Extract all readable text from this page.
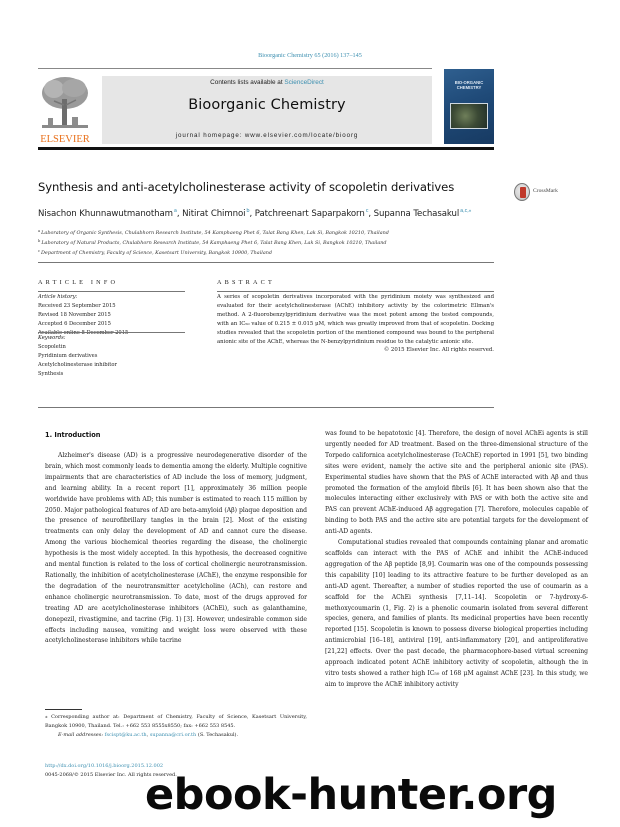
Bioorganic Chemistry 65 (2016) 137–145
ELSEVIER
Contents lists available at ScienceDirect
Bioorganic Chemistry
journal homepage: www.elsevier.com/locate/bioorg
BIO-ORGANIC CHEMISTRY
Synthesis and anti-acetylcholinesterase activity of scopoletin derivatives	CrossMark
Nisachon Khunnawutmanotham$^a$, Nitirat Chimnoi$^b$, Patchreenart Saparpakorn$^c$, Supanna Techasakul$^{a,c,⁎}$
$^a$Laboratory of Organic Synthesis, Chulabhorn Research Institute, 54 Kamphaeng Phet 6, Talat Bang Khen, Lak Si, Bangkok 10210, Thailand
$^b$Laboratory of Natural Products, Chulabhorn Research Institute, 54 Kamphaeng Phet 6, Talat Bang Khen, Lak Si, Bangkok 10210, Thailand
$^c$Department of Chemistry, Faculty of Science, Kasetsart University, Bangkok 10900, Thailand
ARTICLE INFO	ABSTRACT
Article history:
Received 23 September 2015
Revised 18 November 2015
Accepted 6 December 2015
Keywords:
Scopoletin
Pyridinium derivatives
Acetylcholinesterase inhibitor
Synthesis
A series of scopoletin derivatives incorporated with the pyridinium moiety was synthesized and evaluated for their acetylcholinesterase (AChE) inhibitory activity by the colorimetric Ellman's method. A 2-fluorobenzylpyridinium derivative was the most potent among the tested compounds, with an IC₅₀ value of 0.215 ± 0.015 μM, which was greatly improved from that of scopoletin. Docking studies revealed that the scopoletin portion of the mentioned compound was bound to the peripheral anionic site of the AChE, whereas the N-benzylpyridinium residue to the catalytic anionic site.
© 2015 Elsevier Inc. All rights reserved.
1. Introduction

Alzheimer's disease (AD) is a progressive neurodegenerative disorder of the brain, which most commonly leads to dementia among the elderly. Multiple cognitive impairments that are characteristics of AD include the loss of memory, judgment, and learning ability. In a recent report [1], approximately 36 million people worldwide have problems with AD; this number is estimated to reach 115 million by 2050. Major pathological features of AD are beta-amyloid (Aβ) plaque deposition and the presence of neurofibrillary tangles in the brain [2]. Most of the existing treatments can only delay the development of AD and cannot cure the disease. Among the various biochemical theories regarding the disease, the cholinergic hypothesis is the most widely accepted. In this hypothesis, the decreased cognitive and mental function is related to the loss of cortical cholinergic neurotransmission. Rationally, the inhibition of acetylcholinesterase (AChE), the enzyme responsible for the degradation of the neurotransmitter acetylcholine (ACh), can restore and enhance cholinergic neurotransmission. To date, most of the drugs approved for treating AD are acetylcholinesterase inhibitors (AChEi), such as galanthamine, donepezil, rivastigmine, and tacrine (Fig. 1) [3]. However, undesirable common side effects including nausea, vomiting and weight loss were observed with these acetylcholinesterase inhibitors while tacrine

was found to be hepatotoxic [4]. Therefore, the design of novel AChEi agents is still urgently needed for AD treatment. Based on the three-dimensional structure of the Torpedo californica acetylcholinesterase (TcAChE) reported in 1991 [5], two binding sites were evident, namely the active site and the peripheral anionic site (PAS). Experimental studies have shown that the PAS of AChE interacted with Aβ and thus promoted the formation of the amyloid fibrils [6]. It has been shown also that the molecules interacting either exclusively with PAS or with both the active site and PAS can prevent AChE-induced Aβ aggregation [7]. Therefore, molecules capable of binding to both PAS and the active site are potential targets for the development of anti-AD agents.

Computational studies revealed that compounds containing planar and aromatic scaffolds can interact with the PAS of AChE and inhibit the AChE-induced aggregation of the Aβ peptide [8,9]. Coumarin was one of the compounds possessing this capability [10] leading to its attractive feature to be further developed as an anti-AD agent. Thereafter, a number of studies reported the use of coumarin as a scaffold for the AChEi synthesis [7,11–14]. Scopoletin or 7-hydroxy-6-methoxycoumarin (1, Fig. 2) is a phenolic coumarin isolated from several different species, genera, and families of plants. Its medicinal properties have been recently reported [15]. Scopoletin is known to possess diverse biological properties including antimicrobial [16–18], antiviral [19], anti-inflammatory [20], and antiproliferative [21,22] effects. Over the past decade, the pharmacophore-based virtual screening approach indicated potent AChE inhibitory activity of scopoletin, although the in vitro tests showed a rather high IC₅₀ of 168 μM against AChE [23]. In this study, we aim to improve the AChE inhibitory activity

⁎ Corresponding author at: Department of Chemistry, Faculty of Science, Kasetsart University, Bangkok 10900, Thailand. Tel.: +662 553 8555x8550; fax: +662 553 8545.
E-mail addresses: fscispt@ku.ac.th, supanna@cri.or.th (S. Techasakul).
http://dx.doi.org/10.1016/j.bioorg.2015.12.002
0045-2068/© 2015 Elsevier Inc. All rights reserved.
ebook-hunter.org
